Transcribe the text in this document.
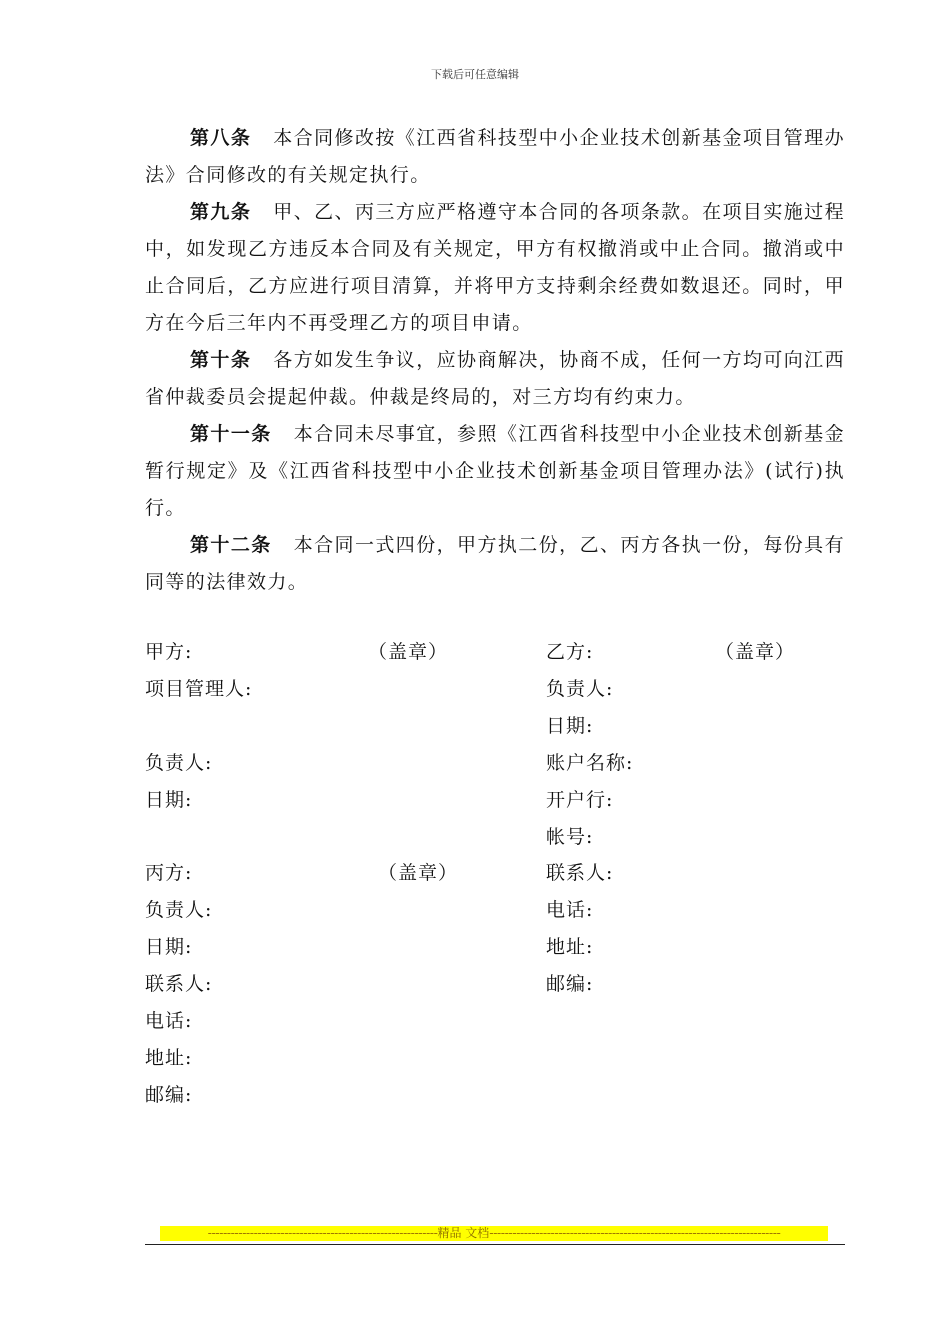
下载后可任意编辑

第八条 本合同修改按《江西省科技型中小企业技术创新基金项目管理办法》合同修改的有关规定执行。

第九条 甲、乙、丙三方应严格遵守本合同的各项条款。在项目实施过程中，如发现乙方违反本合同及有关规定，甲方有权撤消或中止合同。撤消或中止合同后，乙方应进行项目清算，并将甲方支持剩余经费如数退还。同时，甲方在今后三年内不再受理乙方的项目申请。

第十条 各方如发生争议，应协商解决，协商不成，任何一方均可向江西省仲裁委员会提起仲裁。仲裁是终局的，对三方均有约束力。

第十一条 本合同未尽事宜，参照《江西省科技型中小企业技术创新基金暂行规定》及《江西省科技型中小企业技术创新基金项目管理办法》(试行)执行。

第十二条 本合同一式四份，甲方执二份，乙、丙方各执一份，每份具有同等的法律效力。

甲方:	（盖章）
项目管理人:
负责人:
日期:
乙方:	（盖章）
负责人:
日期:
账户名称:
开户行:
帐号:
联系人:
电话:
地址:
邮编:
丙方:	（盖章）
负责人:
日期:
联系人:
电话:
地址:
邮编:
------------------------------------------------------------精品 文档----------------------------------------------------------------------------
